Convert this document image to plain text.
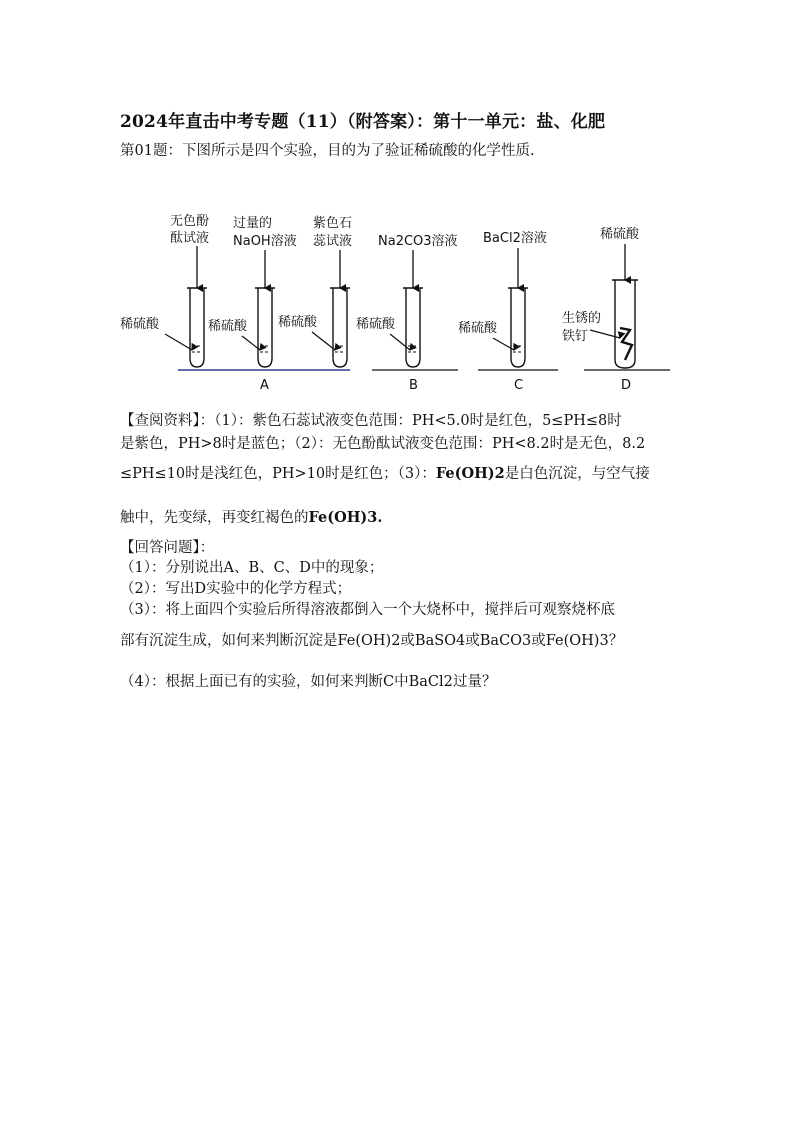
2024年直击中考专题（11）（附答案）：第十一单元：盐、化肥
第01题：下图所示是四个实验，目的为了验证稀硫酸的化学性质.
无色酚
酞试液
过量的
NaOH溶液
紫色石
蕊试液 Na2CO3溶液 BaCl2溶液	稀硫酸
稀硫酸	稀硫酸 稀硫酸	稀硫酸	稀硫酸
生锈的
铁钉
A	B	C	D
【查阅资料】：（1）：紫色石蕊试液变色范围：PH<5.0时是红色，5≤PH≤8时
是紫色，PH>8时是蓝色；（2）：无色酚酞试液变色范围：PH<8.2时是无色，8.2
≤PH≤10时是浅红色，PH>10时是红色；（3）：Fe(OH)2是白色沉淀，与空气接
触中，先变绿，再变红褐色的Fe(OH)3.
【回答问题】：
（1）：分别说出A、B、C、D中的现象；
（2）：写出D实验中的化学方程式；
（3）：将上面四个实验后所得溶液都倒入一个大烧杯中，搅拌后可观察烧杯底
部有沉淀生成，如何来判断沉淀是Fe(OH)2或BaSO4或BaCO3或Fe(OH)3？
（4）：根据上面已有的实验，如何来判断C中BaCl2过量？
